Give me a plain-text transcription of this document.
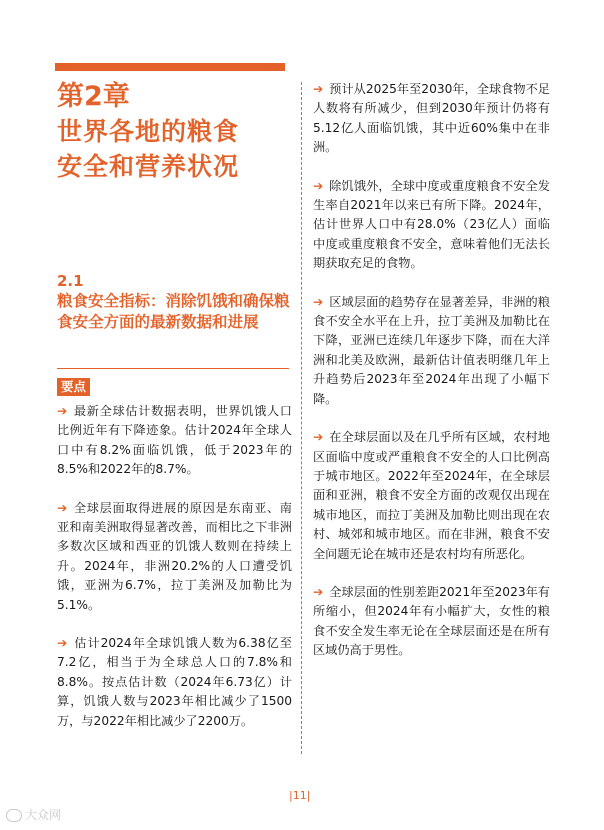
第2章
世界各地的粮食
安全和营养状况
2.1
粮食安全指标：消除饥饿和确保粮食安全方面的最新数据和进展
要点

➔ 最新全球估计数据表明，世界饥饿人口比例近年有下降迹象。估计2024年全球人口中有8.2%面临饥饿，低于2023年的8.5%和2022年的8.7%。

➔ 全球层面取得进展的原因是东南亚、南亚和南美洲取得显著改善，而相比之下非洲多数次区域和西亚的饥饿人数则在持续上升。2024年，非洲20.2%的人口遭受饥饿，亚洲为6.7%，拉丁美洲及加勒比为5.1%。

➔ 估计2024年全球饥饿人数为6.38亿至7.2亿，相当于为全球总人口的7.8%和8.8%。按点估计数（2024年6.73亿）计算，饥饿人数与2023年相比减少了1500万，与2022年相比减少了2200万。

➔ 预计从2025年至2030年，全球食物不足人数将有所减少，但到2030年预计仍将有5.12亿人面临饥饿，其中近60%集中在非洲。

➔ 除饥饿外，全球中度或重度粮食不安全发生率自2021年以来已有所下降。2024年，估计世界人口中有28.0%（23亿人）面临中度或重度粮食不安全，意味着他们无法长期获取充足的食物。

➔ 区域层面的趋势存在显著差异，非洲的粮食不安全水平在上升，拉丁美洲及加勒比在下降，亚洲已连续几年逐步下降，而在大洋洲和北美及欧洲，最新估计值表明继几年上升趋势后2023年至2024年出现了小幅下降。

➔ 在全球层面以及在几乎所有区域，农村地区面临中度或严重粮食不安全的人口比例高于城市地区。2022年至2024年，在全球层面和亚洲，粮食不安全方面的改观仅出现在城市地区，而拉丁美洲及加勒比则出现在农村、城郊和城市地区。而在非洲，粮食不安全问题无论在城市还是农村均有所恶化。

➔ 全球层面的性别差距2021年至2023年有所缩小，但2024年有小幅扩大，女性的粮食不安全发生率无论在全球层面还是在所有区域仍高于男性。

|11|
大众网
